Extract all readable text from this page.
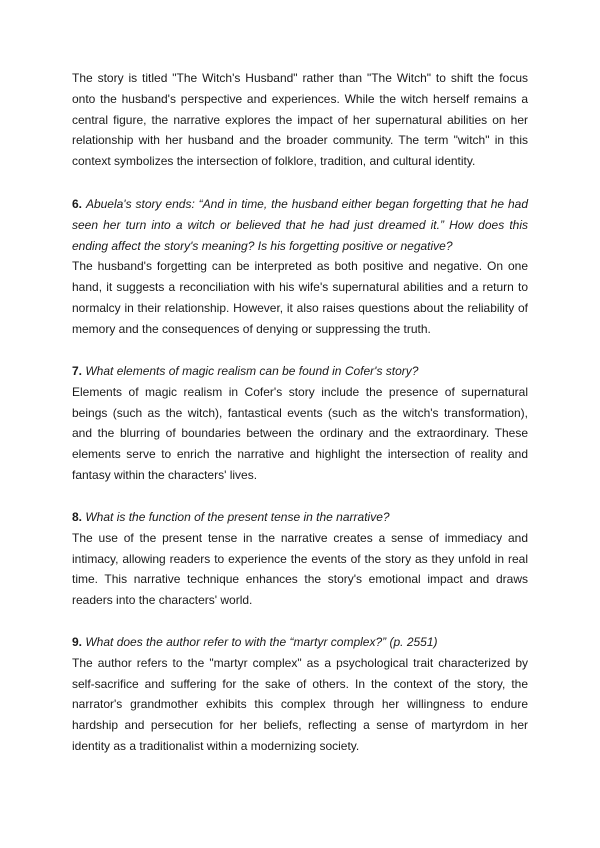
The story is titled "The Witch's Husband" rather than "The Witch" to shift the focus onto the husband's perspective and experiences. While the witch herself remains a central figure, the narrative explores the impact of her supernatural abilities on her relationship with her husband and the broader community. The term "witch" in this context symbolizes the intersection of folklore, tradition, and cultural identity.

6. Abuela's story ends: “And in time, the husband either began forgetting that he had seen her turn into a witch or believed that he had just dreamed it.” How does this ending affect the story's meaning? Is his forgetting positive or negative?

The husband's forgetting can be interpreted as both positive and negative. On one hand, it suggests a reconciliation with his wife's supernatural abilities and a return to normalcy in their relationship. However, it also raises questions about the reliability of memory and the consequences of denying or suppressing the truth.

7. What elements of magic realism can be found in Cofer's story?

Elements of magic realism in Cofer's story include the presence of supernatural beings (such as the witch), fantastical events (such as the witch's transformation), and the blurring of boundaries between the ordinary and the extraordinary. These elements serve to enrich the narrative and highlight the intersection of reality and fantasy within the characters' lives.

8. What is the function of the present tense in the narrative?

The use of the present tense in the narrative creates a sense of immediacy and intimacy, allowing readers to experience the events of the story as they unfold in real time. This narrative technique enhances the story's emotional impact and draws readers into the characters' world.

9. What does the author refer to with the “martyr complex?” (p. 2551)

The author refers to the "martyr complex" as a psychological trait characterized by self-sacrifice and suffering for the sake of others. In the context of the story, the narrator's grandmother exhibits this complex through her willingness to endure hardship and persecution for her beliefs, reflecting a sense of martyrdom in her identity as a traditionalist within a modernizing society.
